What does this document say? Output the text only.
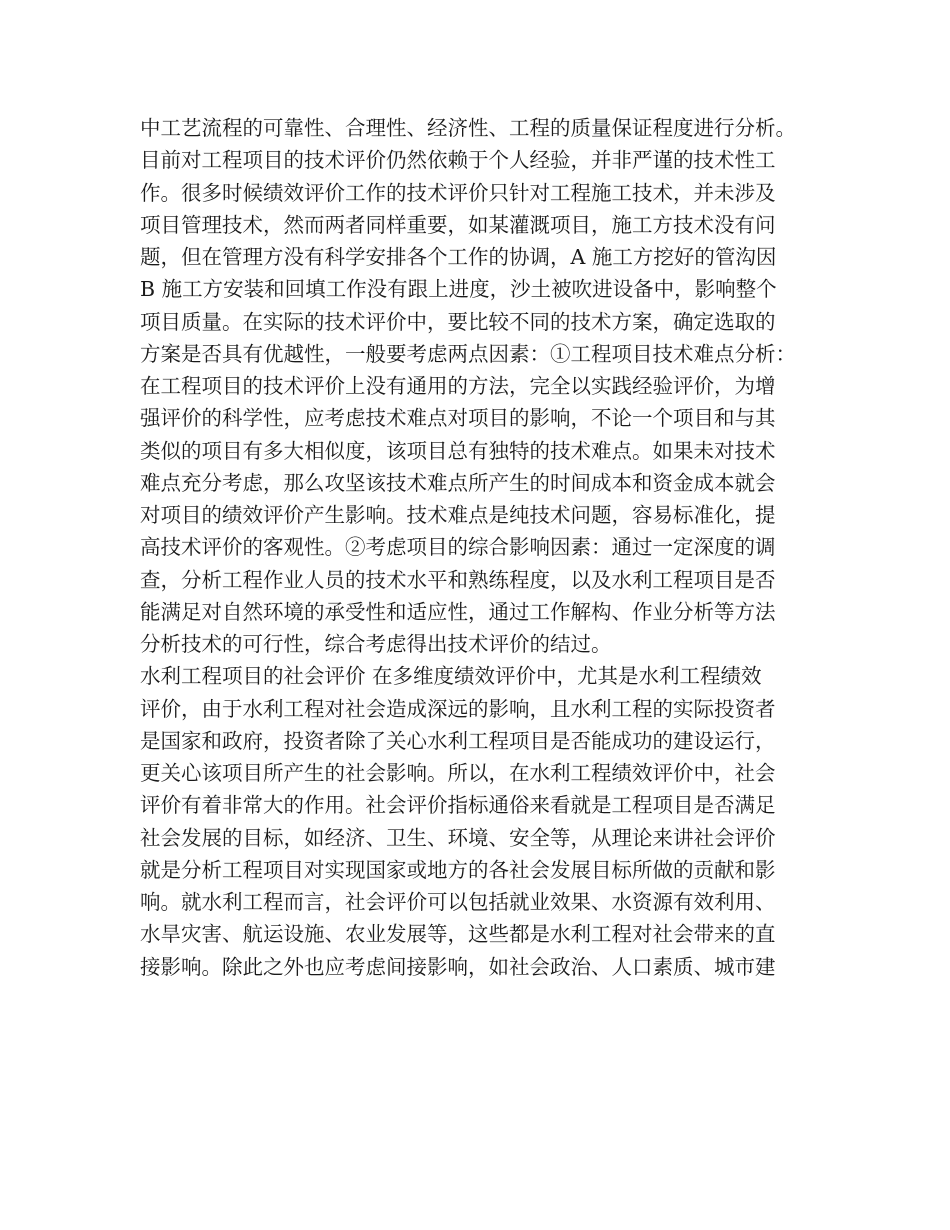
中工艺流程的可靠性、合理性、经济性、工程的质量保证程度进行分析。
目前对工程项目的技术评价仍然依赖于个人经验，并非严谨的技术性工
作。很多时候绩效评价工作的技术评价只针对工程施工技术，并未涉及
项目管理技术，然而两者同样重要，如某灌溉项目，施工方技术没有问
题，但在管理方没有科学安排各个工作的协调，A 施工方挖好的管沟因
B 施工方安装和回填工作没有跟上进度，沙土被吹进设备中，影响整个
项目质量。在实际的技术评价中，要比较不同的技术方案，确定选取的
方案是否具有优越性，一般要考虑两点因素：①工程项目技术难点分析：
在工程项目的技术评价上没有通用的方法，完全以实践经验评价，为增
强评价的科学性，应考虑技术难点对项目的影响，不论一个项目和与其
类似的项目有多大相似度，该项目总有独特的技术难点。如果未对技术
难点充分考虑，那么攻坚该技术难点所产生的时间成本和资金成本就会
对项目的绩效评价产生影响。技术难点是纯技术问题，容易标准化，提
高技术评价的客观性。②考虑项目的综合影响因素：通过一定深度的调
查，分析工程作业人员的技术水平和熟练程度，以及水利工程项目是否
能满足对自然环境的承受性和适应性，通过工作解构、作业分析等方法
分析技术的可行性，综合考虑得出技术评价的结过。
水利工程项目的社会评价 在多维度绩效评价中，尤其是水利工程绩效
评价，由于水利工程对社会造成深远的影响，且水利工程的实际投资者
是国家和政府，投资者除了关心水利工程项目是否能成功的建设运行，
更关心该项目所产生的社会影响。所以，在水利工程绩效评价中，社会
评价有着非常大的作用。社会评价指标通俗来看就是工程项目是否满足
社会发展的目标，如经济、卫生、环境、安全等，从理论来讲社会评价
就是分析工程项目对实现国家或地方的各社会发展目标所做的贡献和影
响。就水利工程而言，社会评价可以包括就业效果、水资源有效利用、
水旱灾害、航运设施、农业发展等，这些都是水利工程对社会带来的直
接影响。除此之外也应考虑间接影响，如社会政治、人口素质、城市建
